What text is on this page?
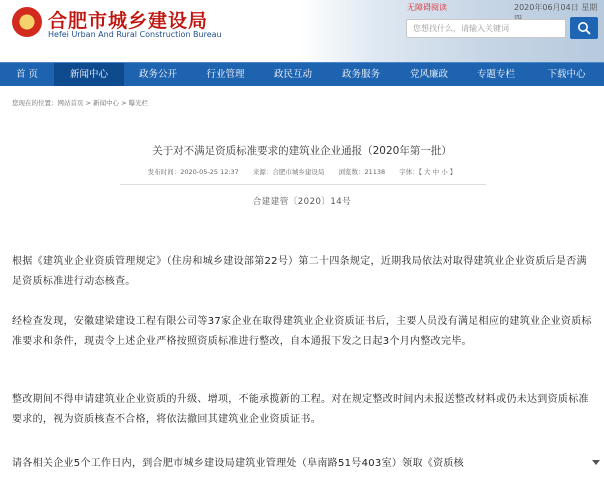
合肥市城乡建设局
Hefei Urban And Rural Construction Bureau
无障碍阅读	2020年06月04日 星期
您想找什么，请输入关键词
首 页	新闻中心	政务公开	行业管理	政民互动	政务服务	党风廉政	专题专栏	下载中心
您现在的位置：网站首页 > 新闻中心 > 曝光栏
关于对不满足资质标准要求的建筑业企业通报（2020年第一批）
发布时间：2020-05-25 12:37 来源：合肥市城乡建设局 浏览数：21138 字体：【 大 中 小 】
合建建管〔2020〕14号
根据《建筑业企业资质管理规定》（住房和城乡建设部第22号）第二十四条规定，近期我局依法对取得建筑业企业资质后是否满足资质标准进行动态核查。
经检查发现，安徽建梁建设工程有限公司等37家企业在取得建筑业企业资质证书后，主要人员没有满足相应的建筑业企业资质标准要求和条件，现责令上述企业严格按照资质标准进行整改，自本通报下发之日起3个月内整改完毕。
整改期间不得申请建筑业企业资质的升级、增项，不能承揽新的工程。对在规定整改时间内未报送整改材料或仍未达到资质标准要求的，视为资质核查不合格，将依法撤回其建筑业企业资质证书。
请各相关企业5个工作日内，到合肥市城乡建设局建筑业管理处（阜南路51号403室）领取《资质核
